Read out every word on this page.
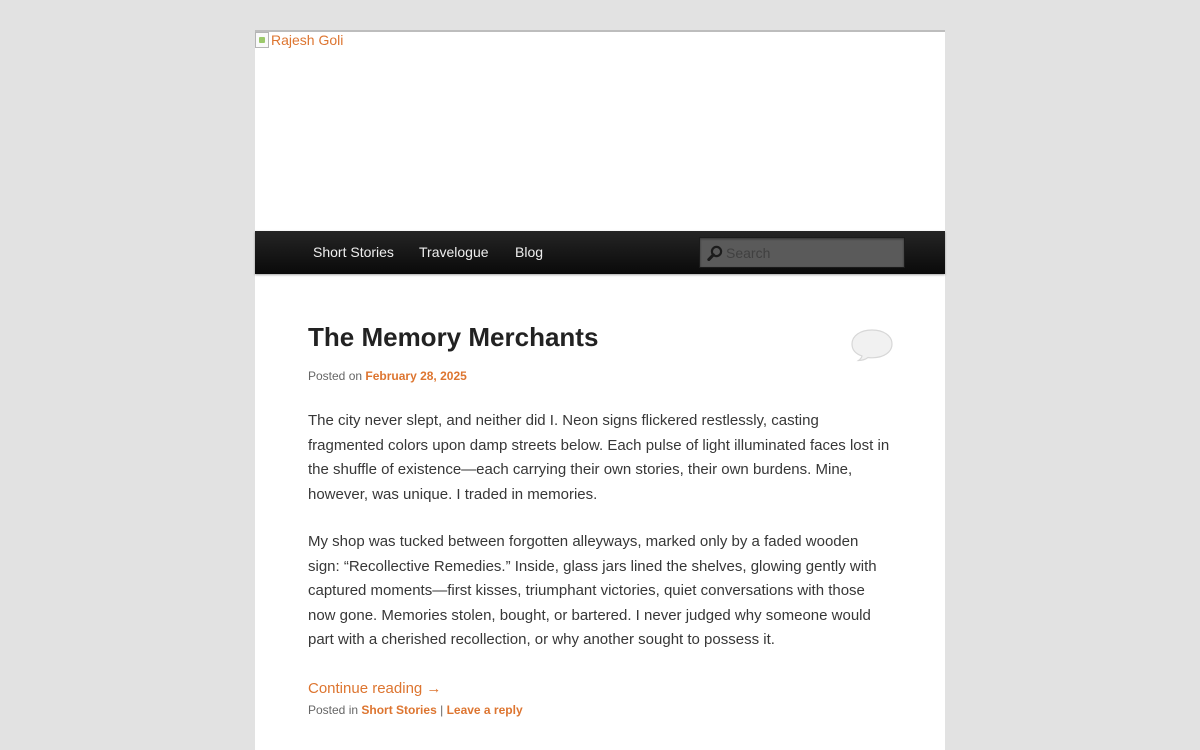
Rajesh Goli
Short Stories Travelogue Blog
Search
The Memory Merchants
Posted on February 28, 2025

The city never slept, and neither did I. Neon signs flickered restlessly, casting fragmented colors upon damp streets below. Each pulse of light illuminated faces lost in the shuffle of existence—each carrying their own stories, their own burdens. Mine, however, was unique. I traded in memories.

My shop was tucked between forgotten alleyways, marked only by a faded wooden sign: “Recollective Remedies.” Inside, glass jars lined the shelves, glowing gently with captured moments—first kisses, triumphant victories, quiet conversations with those now gone. Memories stolen, bought, or bartered. I never judged why someone would part with a cherished recollection, or why another sought to possess it.

Continue reading →
Posted in Short Stories | Leave a reply
